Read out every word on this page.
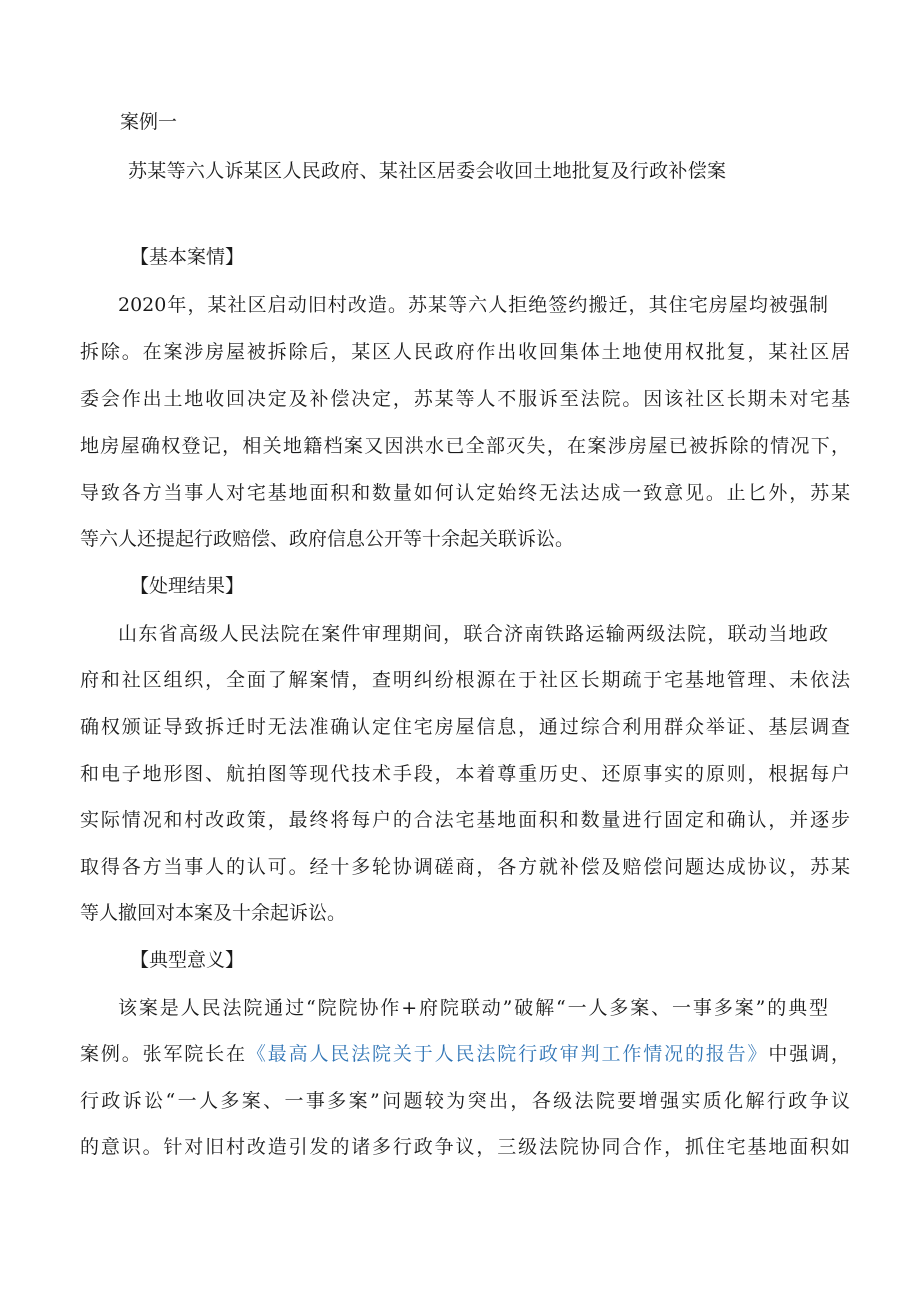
案例一
苏某等六人诉某区人民政府、某社区居委会收回土地批复及行政补偿案
【基本案情】
2020年，某社区启动旧村改造。苏某等六人拒绝签约搬迁，其住宅房屋均被强制
拆除。在案涉房屋被拆除后，某区人民政府作出收回集体土地使用权批复，某社区居
委会作出土地收回决定及补偿决定，苏某等人不服诉至法院。因该社区长期未对宅基
地房屋确权登记，相关地籍档案又因洪水已全部灭失，在案涉房屋已被拆除的情况下，
导致各方当事人对宅基地面积和数量如何认定始终无法达成一致意见。止匕外，苏某
等六人还提起行政赔偿、政府信息公开等十余起关联诉讼。
【处理结果】
山东省高级人民法院在案件审理期间，联合济南铁路运输两级法院，联动当地政
府和社区组织，全面了解案情，查明纠纷根源在于社区长期疏于宅基地管理、未依法
确权颁证导致拆迁时无法准确认定住宅房屋信息，通过综合利用群众举证、基层调查
和电子地形图、航拍图等现代技术手段，本着尊重历史、还原事实的原则，根据每户
实际情况和村改政策，最终将每户的合法宅基地面积和数量进行固定和确认，并逐步
取得各方当事人的认可。经十多轮协调磋商，各方就补偿及赔偿问题达成协议，苏某
等人撤回对本案及十余起诉讼。
【典型意义】
该案是人民法院通过“院院协作+府院联动”破解“一人多案、一事多案”的典型
案例。张军院长在《最高人民法院关于人民法院行政审判工作情况的报告》中强调，
行政诉讼“一人多案、一事多案”问题较为突出，各级法院要增强实质化解行政争议
的意识。针对旧村改造引发的诸多行政争议，三级法院协同合作，抓住宅基地面积如
